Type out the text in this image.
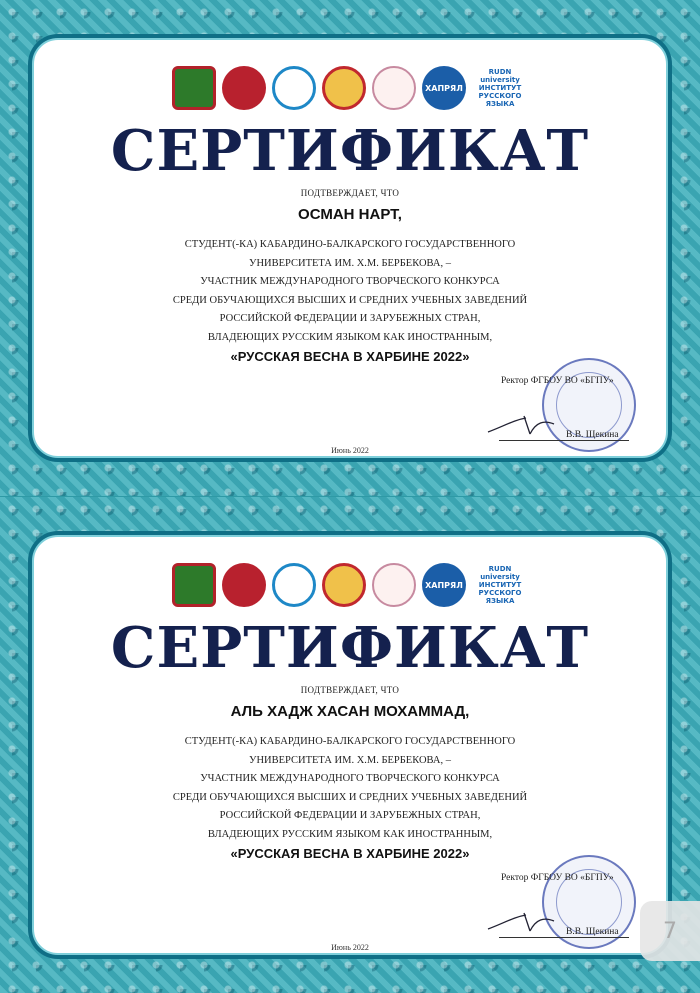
ХАПРЯЛ
RUDN university ИНСТИТУТ РУССКОГО ЯЗЫКА
СЕРТИФИКАТ
ПОДТВЕРЖДАЕТ, ЧТО
ОСМАН НАРТ,
СТУДЕНТ(-КА) КАБАРДИНО-БАЛКАРСКОГО ГОСУДАРСТВЕННОГО
УНИВЕРСИТЕТА ИМ. Х.М. БЕРБЕКОВА, –
УЧАСТНИК МЕЖДУНАРОДНОГО ТВОРЧЕСКОГО КОНКУРСА
СРЕДИ ОБУЧАЮЩИХСЯ ВЫСШИХ И СРЕДНИХ УЧЕБНЫХ ЗАВЕДЕНИЙ
РОССИЙСКОЙ ФЕДЕРАЦИИ И ЗАРУБЕЖНЫХ СТРАН,
ВЛАДЕЮЩИХ РУССКИМ ЯЗЫКОМ КАК ИНОСТРАННЫМ,
«РУССКАЯ ВЕСНА В ХАРБИНЕ 2022»
Ректор ФГБОУ ВО «БГПУ»
В.В. Щекина
Июнь 2022
ХАПРЯЛ
RUDN university ИНСТИТУТ РУССКОГО ЯЗЫКА
СЕРТИФИКАТ
ПОДТВЕРЖДАЕТ, ЧТО
АЛЬ ХАДЖ ХАСАН МОХАММАД,
СТУДЕНТ(-КА) КАБАРДИНО-БАЛКАРСКОГО ГОСУДАРСТВЕННОГО
УНИВЕРСИТЕТА ИМ. Х.М. БЕРБЕКОВА, –
УЧАСТНИК МЕЖДУНАРОДНОГО ТВОРЧЕСКОГО КОНКУРСА
СРЕДИ ОБУЧАЮЩИХСЯ ВЫСШИХ И СРЕДНИХ УЧЕБНЫХ ЗАВЕДЕНИЙ
РОССИЙСКОЙ ФЕДЕРАЦИИ И ЗАРУБЕЖНЫХ СТРАН,
ВЛАДЕЮЩИХ РУССКИМ ЯЗЫКОМ КАК ИНОСТРАННЫМ,
«РУССКАЯ ВЕСНА В ХАРБИНЕ 2022»
Ректор ФГБОУ ВО «БГПУ»
В.В. Щекина
Июнь 2022
7
